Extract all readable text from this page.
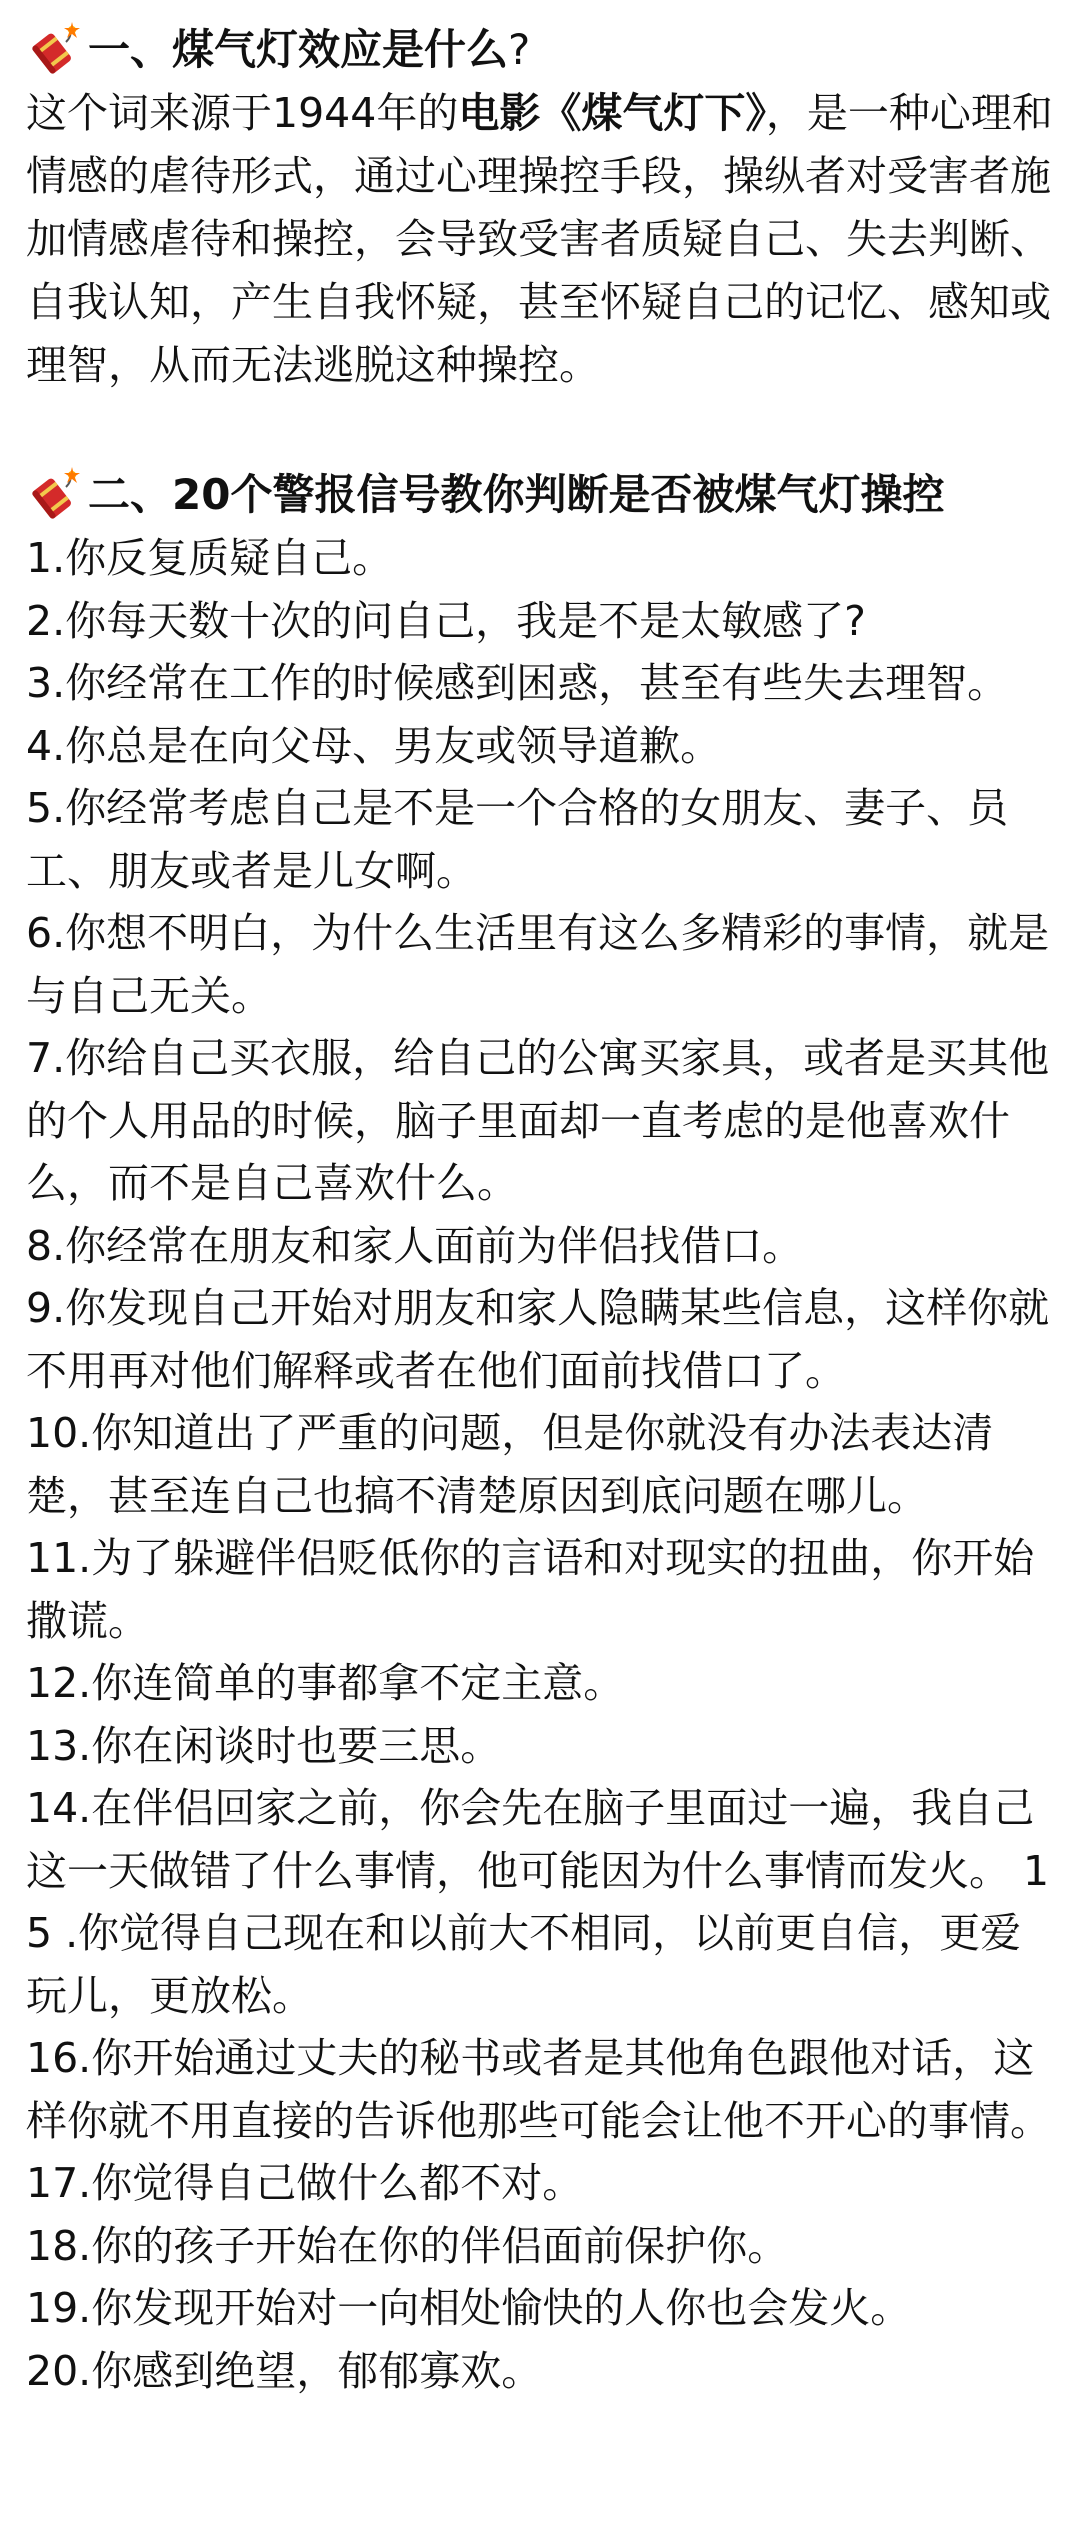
一、煤气灯效应是什么 ?

这个词来源于1944年的电影《煤气灯下》，是一种心理和情感的虐待形式，通过心理操控手段，操纵者对受害者施加情感虐待和操控，会导致受害者质疑自己、失去判断、自我认知，产生自我怀疑，甚至怀疑自己的记忆、感知或理智，从而无法逃脱这种操控。

二、20个警报信号教你判断是否被煤气灯操控

1.你反复质疑自己。

2.你每天数十次的问自己，我是不是太敏感了?

3.你经常在工作的时候感到困惑，甚至有些失去理智。

4.你总是在向父母、男友或领导道歉。

5.你经常考虑自己是不是一个合格的女朋友、妻子、员工、朋友或者是儿女啊。

6.你想不明白，为什么生活里有这么多精彩的事情，就是与自己无关。

7.你给自己买衣服，给自己的公寓买家具，或者是买其他的个人用品的时候，脑子里面却一直考虑的是他喜欢什么，而不是自己喜欢什么。

8.你经常在朋友和家人面前为伴侣找借口。

9.你发现自己开始对朋友和家人隐瞒某些信息，这样你就不用再对他们解释或者在他们面前找借口了。

10.你知道出了严重的问题，但是你就没有办法表达清楚，甚至连自己也搞不清楚原因到底问题在哪儿。

11.为了躲避伴侣贬低你的言语和对现实的扭曲，你开始撒谎。

12.你连简单的事都拿不定主意。

13.你在闲谈时也要三思。

14.在伴侣回家之前，你会先在脑子里面过一遍，我自己这一天做错了什么事情，他可能因为什么事情而发火。 15 .你觉得自己现在和以前大不相同，以前更自信，更爱玩儿，更放松。

16.你开始通过丈夫的秘书或者是其他角色跟他对话，这样你就不用直接的告诉他那些可能会让他不开心的事情。 17.你觉得自己做什么都不对。

18.你的孩子开始在你的伴侣面前保护你。

19.你发现开始对一向相处愉快的人你也会发火。

20.你感到绝望，郁郁寡欢。
